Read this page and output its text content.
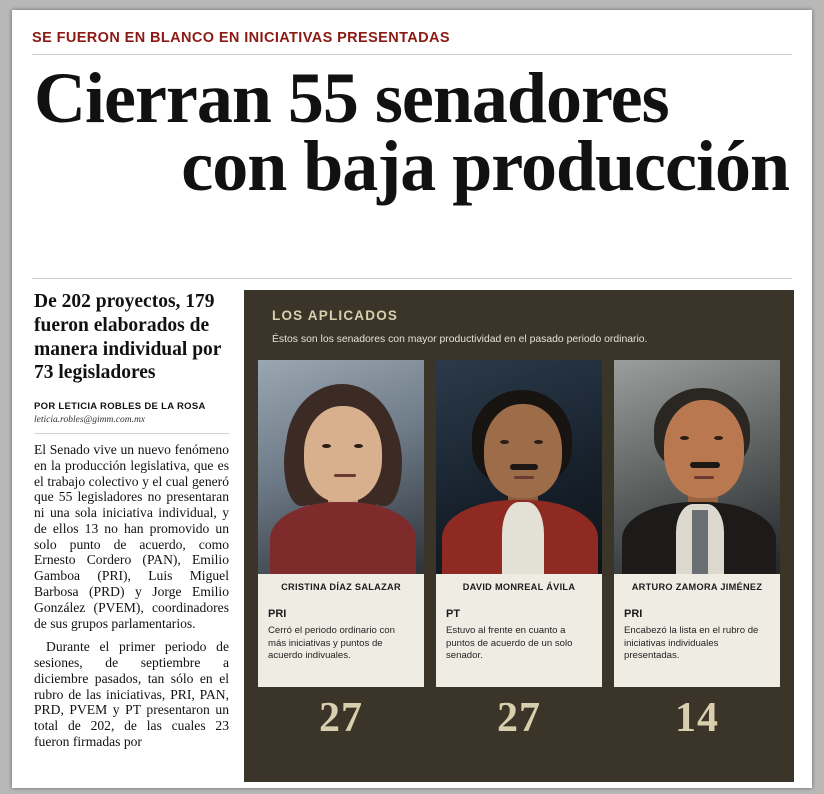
SE FUERON EN BLANCO EN INICIATIVAS PRESENTADAS
Cierran 55 senadores
con baja producción
De 202 proyectos, 179 fueron elaborados de manera individual por 73 legisladores
POR LETICIA ROBLES DE LA ROSA
leticia.robles@gimm.com.mx

El Senado vive un nuevo fenómeno en la producción legislativa, que es el trabajo colectivo y el cual generó que 55 legisladores no presentaran ni una sola iniciativa individual, y de ellos 13 no han promovido un solo punto de acuerdo, como Ernesto Cordero (PAN), Emilio Gamboa (PRI), Luis Miguel Barbosa (PRD) y Jorge Emilio González (PVEM), coordinadores de sus grupos parlamentarios.

Durante el primer periodo de sesiones, de septiembre a diciembre pasados, tan sólo en el rubro de las iniciativas, PRI, PAN, PRD, PVEM y PT presentaron un total de 202, de las cuales 23 fueron firmadas por

LOS APLICADOS
Éstos son los senadores con mayor productividad en el pasado periodo ordinario.
CRISTINA DÍAZ SALAZAR
PRI
Cerró el periodo ordinario con más iniciativas y puntos de acuerdo indivuales.
27
DAVID MONREAL ÁVILA
PT
Estuvo al frente en cuanto a puntos de acuerdo de un solo senador.
27
ARTURO ZAMORA JIMÉNEZ
PRI
Encabezó la lista en el rubro de iniciativas individuales presentadas.
14
